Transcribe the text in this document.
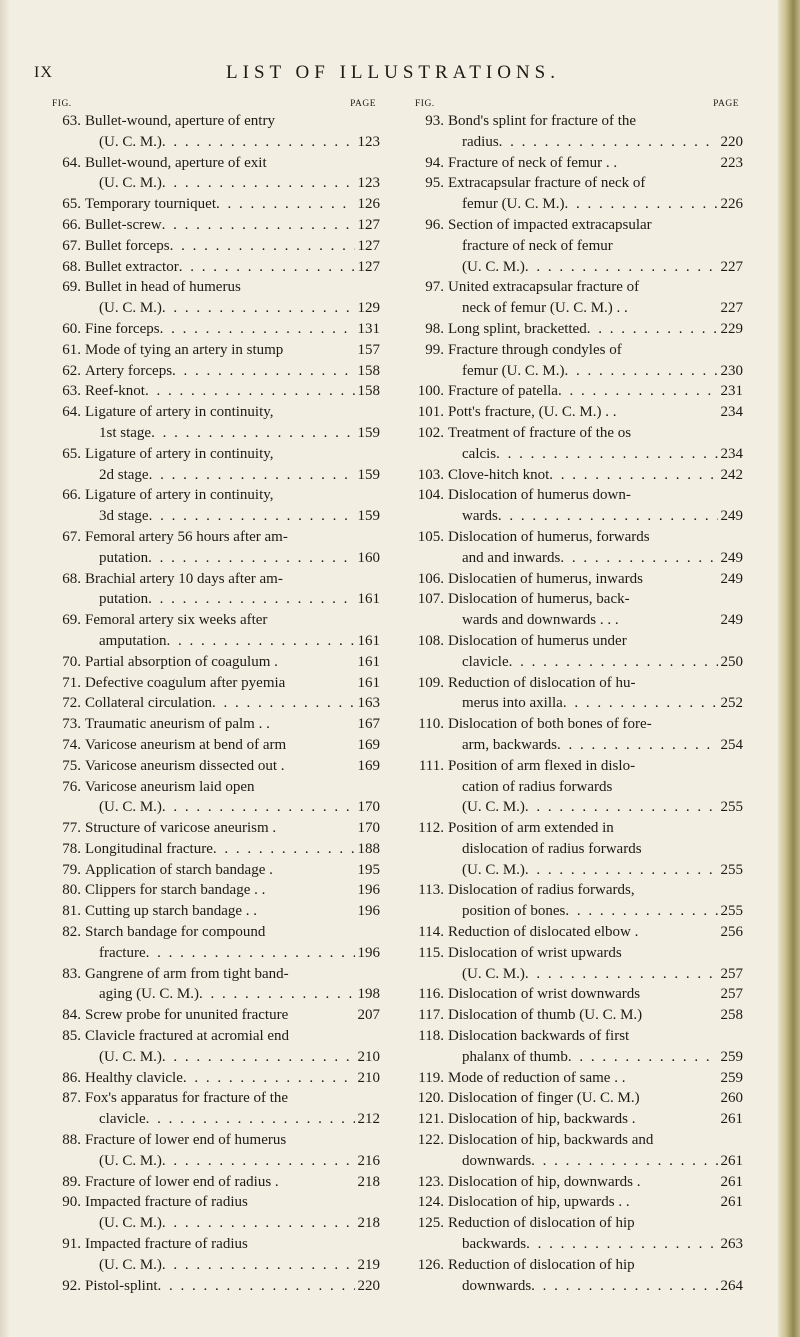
IX	LIST OF ILLUSTRATIONS.
FIG.	PAGE
63. Bullet-wound, aperture of entry
(U. C. M.) . . .	123
64. Bullet-wound, aperture of exit
(U. C. M.) . . .	123
65. Temporary tourniquet . . .	126
66. Bullet-screw . . .	127
67. Bullet forceps . . .	127
68. Bullet extractor . . .	127
69. Bullet in head of humerus
(U. C. M.) . . .	129
60. Fine forceps . . .	131
61. Mode of tying an artery in stump	157
62. Artery forceps . . .	158
63. Reef-knot . . .	158
64. Ligature of artery in continuity,
1st stage . . .	159
65. Ligature of artery in continuity,
2d stage . . .	159
66. Ligature of artery in continuity,
3d stage . . .	159
67. Femoral artery 56 hours after am-
putation . . .	160
68. Brachial artery 10 days after am-
putation . . .	161
69. Femoral artery six weeks after
amputation . . .	161
70. Partial absorption of coagulum .	161
71. Defective coagulum after pyemia	161
72. Collateral circulation . . .	163
73. Traumatic aneurism of palm . .	167
74. Varicose aneurism at bend of arm	169
75. Varicose aneurism dissected out .	169
76. Varicose aneurism laid open
(U. C. M.) . . .	170
77. Structure of varicose aneurism .	170
78. Longitudinal fracture . . .	188
79. Application of starch bandage .	195
80. Clippers for starch bandage . .	196
81. Cutting up starch bandage . .	196
82. Starch bandage for compound
fracture . . .	196
83. Gangrene of arm from tight band-
aging (U. C. M.) . . .	198
84. Screw probe for ununited fracture	207
85. Clavicle fractured at acromial end
(U. C. M.) . . .	210
86. Healthy clavicle . . .	210
87. Fox's apparatus for fracture of the
clavicle . . .	212
88. Fracture of lower end of humerus
(U. C. M.) . . .	216
89. Fracture of lower end of radius .	218
90. Impacted fracture of radius
(U. C. M.) . . .	218
91. Impacted fracture of radius
(U. C. M.) . . .	219
92. Pistol-splint . . .	220
FIG.	PAGE
93. Bond's splint for fracture of the
radius . . .	220
94. Fracture of neck of femur . .	223
95. Extracapsular fracture of neck of
femur (U. C. M.) . . .	226
96. Section of impacted extracapsular
fracture of neck of femur
(U. C. M.) . . .	227
97. United extracapsular fracture of
neck of femur (U. C. M.) . .	227
98. Long splint, bracketted . . .	229
99. Fracture through condyles of
femur (U. C. M.) . . .	230
100. Fracture of patella . . .	231
101. Pott's fracture, (U. C. M.) . .	234
102. Treatment of fracture of the os
calcis . . .	234
103. Clove-hitch knot . . .	242
104. Dislocation of humerus down-
wards . . .	249
105. Dislocation of humerus, forwards
and and inwards . . .	249
106. Dislocatien of humerus, inwards	249
107. Dislocation of humerus, back-
wards and downwards . . .	249
108. Dislocation of humerus under
clavicle . . .	250
109. Reduction of dislocation of hu-
merus into axilla . . .	252
110. Dislocation of both bones of fore-
arm, backwards . . .	254
111. Position of arm flexed in dislo-
cation of radius forwards
(U. C. M.) . . .	255
112. Position of arm extended in
dislocation of radius forwards
(U. C. M.) . . .	255
113. Dislocation of radius forwards,
position of bones . . .	255
114. Reduction of dislocated elbow .	256
115. Dislocation of wrist upwards
(U. C. M.) . . .	257
116. Dislocation of wrist downwards	257
117. Dislocation of thumb (U. C. M.)	258
118. Dislocation backwards of first
phalanx of thumb . . .	259
119. Mode of reduction of same . .	259
120. Dislocation of finger (U. C. M.)	260
121. Dislocation of hip, backwards .	261
122. Dislocation of hip, backwards and
downwards . . .	261
123. Dislocation of hip, downwards .	261
124. Dislocation of hip, upwards . .	261
125. Reduction of dislocation of hip
backwards . . .	263
126. Reduction of dislocation of hip
downwards . . .	264
